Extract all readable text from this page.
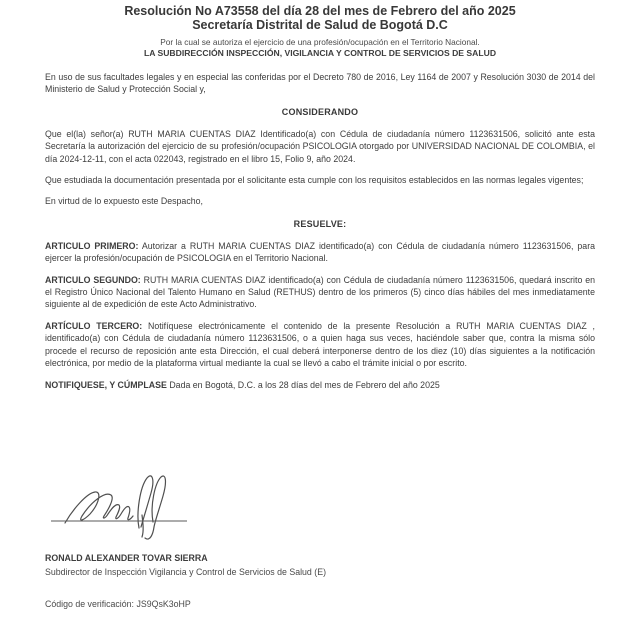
Resolución No A73558 del día 28 del mes de Febrero del año 2025
Secretaría Distrital de Salud de Bogotá D.C
Por la cual se autoriza el ejercicio de una profesión/ocupación en el Territorio Nacional.
LA SUBDIRECCIÓN INSPECCIÓN, VIGILANCIA Y CONTROL DE SERVICIOS DE SALUD

En uso de sus facultades legales y en especial las conferidas por el Decreto 780 de 2016, Ley 1164 de 2007 y Resolución 3030 de 2014 del Ministerio de Salud y Protección Social y,

CONSIDERANDO

Que el(la) señor(a) RUTH MARIA CUENTAS DIAZ Identificado(a) con Cédula de ciudadanía número 1123631506, solicitó ante esta Secretaría la autorización del ejercicio de su profesión/ocupación PSICOLOGIA otorgado por UNIVERSIDAD NACIONAL DE COLOMBIA, el día 2024-12-11, con el acta 022043, registrado en el libro 15, Folio 9, año 2024.

Que estudiada la documentación presentada por el solicitante esta cumple con los requisitos establecidos en las normas legales vigentes;

En virtud de lo expuesto este Despacho,

RESUELVE:

ARTICULO PRIMERO: Autorizar a RUTH MARIA CUENTAS DIAZ identificado(a) con Cédula de ciudadanía número 1123631506, para ejercer la profesión/ocupación de PSICOLOGIA en el Territorio Nacional.

ARTICULO SEGUNDO: RUTH MARIA CUENTAS DIAZ identificado(a) con Cédula de ciudadanía número 1123631506, quedará inscrito en el Registro Único Nacional del Talento Humano en Salud (RETHUS) dentro de los primeros (5) cinco días hábiles del mes inmediatamente siguiente al de expedición de este Acto Administrativo.

ARTÍCULO TERCERO: Notifíquese electrónicamente el contenido de la presente Resolución a RUTH MARIA CUENTAS DIAZ , identificado(a) con Cédula de ciudadanía número 1123631506, o a quien haga sus veces, haciéndole saber que, contra la misma sólo procede el recurso de reposición ante esta Dirección, el cual deberá interponerse dentro de los diez (10) días siguientes a la notificación electrónica, por medio de la plataforma virtual mediante la cual se llevó a cabo el trámite inicial o por escrito.

NOTIFIQUESE, Y CÚMPLASE Dada en Bogotá, D.C. a los 28 días del mes de Febrero del año 2025

RONALD ALEXANDER TOVAR SIERRA
Subdirector de Inspección Vigilancia y Control de Servicios de Salud (E)
Código de verificación: JS9QsK3oHP
